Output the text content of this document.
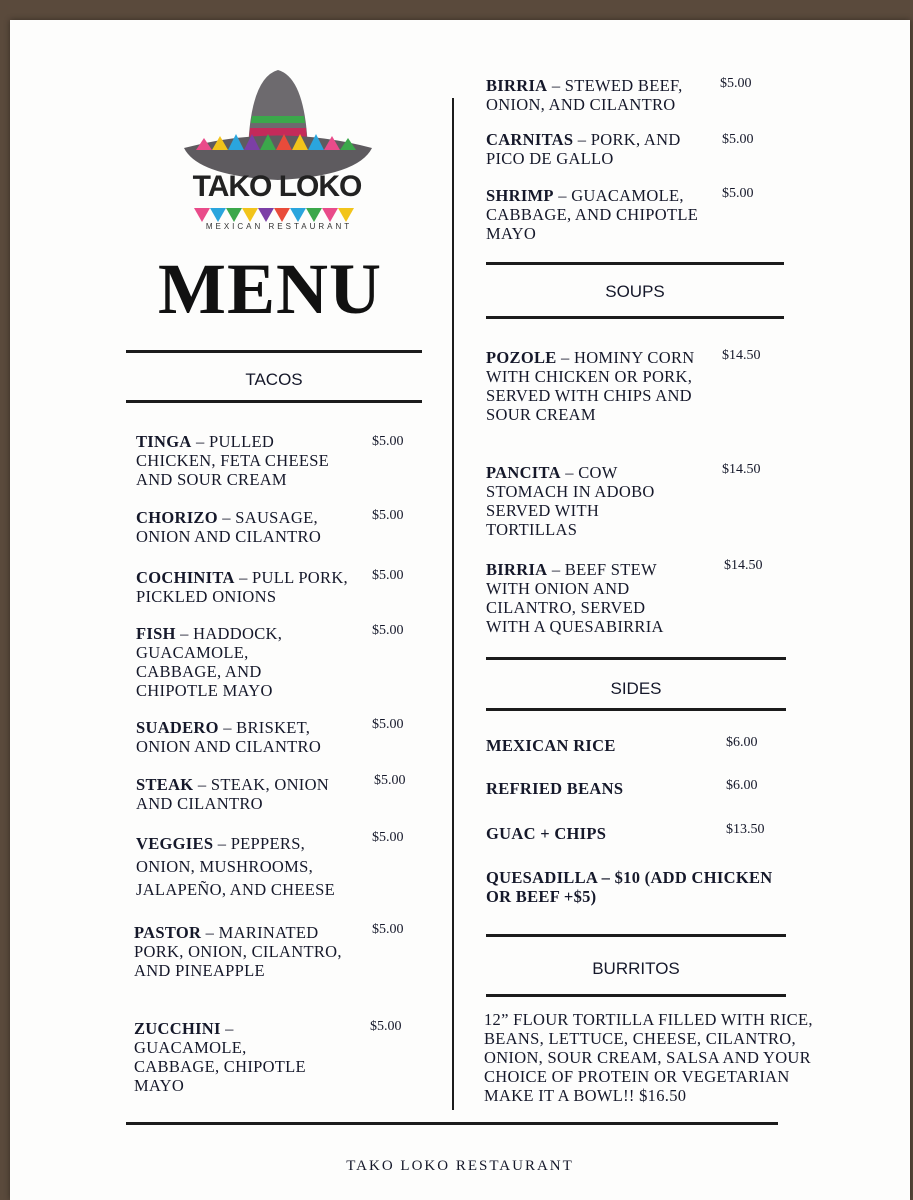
TAKO LOKO
MEXICAN RESTAURANT
MENU
TACOS
TINGA – PULLED CHICKEN, FETA CHEESE AND SOUR CREAM
$5.00
CHORIZO – SAUSAGE, ONION AND CILANTRO
$5.00
COCHINITA – PULL PORK, PICKLED ONIONS
$5.00
FISH – HADDOCK, GUACAMOLE, CABBAGE, AND CHIPOTLE MAYO
$5.00
SUADERO – BRISKET, ONION AND CILANTRO
$5.00
STEAK – STEAK, ONION AND CILANTRO
$5.00
VEGGIES – PEPPERS, ONION, MUSHROOMS, JALAPEÑO, AND CHEESE
$5.00
PASTOR – MARINATED PORK, ONION, CILANTRO, AND PINEAPPLE
$5.00
ZUCCHINI – GUACAMOLE, CABBAGE, CHIPOTLE MAYO
$5.00
BIRRIA – STEWED BEEF, ONION, AND CILANTRO
$5.00
CARNITAS – PORK, AND PICO DE GALLO
$5.00
SHRIMP – GUACAMOLE, CABBAGE, AND CHIPOTLE MAYO
$5.00
SOUPS
POZOLE – HOMINY CORN WITH CHICKEN OR PORK, SERVED WITH CHIPS AND SOUR CREAM
$14.50
PANCITA – COW STOMACH IN ADOBO SERVED WITH TORTILLAS
$14.50
BIRRIA – BEEF STEW WITH ONION AND CILANTRO, SERVED WITH A QUESABIRRIA
$14.50
SIDES
MEXICAN RICE	$6.00
REFRIED BEANS	$6.00
GUAC + CHIPS	$13.50
QUESADILLA – $10 (ADD CHICKEN OR BEEF +$5)
BURRITOS
12” FLOUR TORTILLA FILLED WITH RICE, BEANS, LETTUCE, CHEESE, CILANTRO, ONION, SOUR CREAM, SALSA AND YOUR CHOICE OF PROTEIN OR VEGETARIAN MAKE IT A BOWL!! $16.50
TAKO LOKO RESTAURANT
